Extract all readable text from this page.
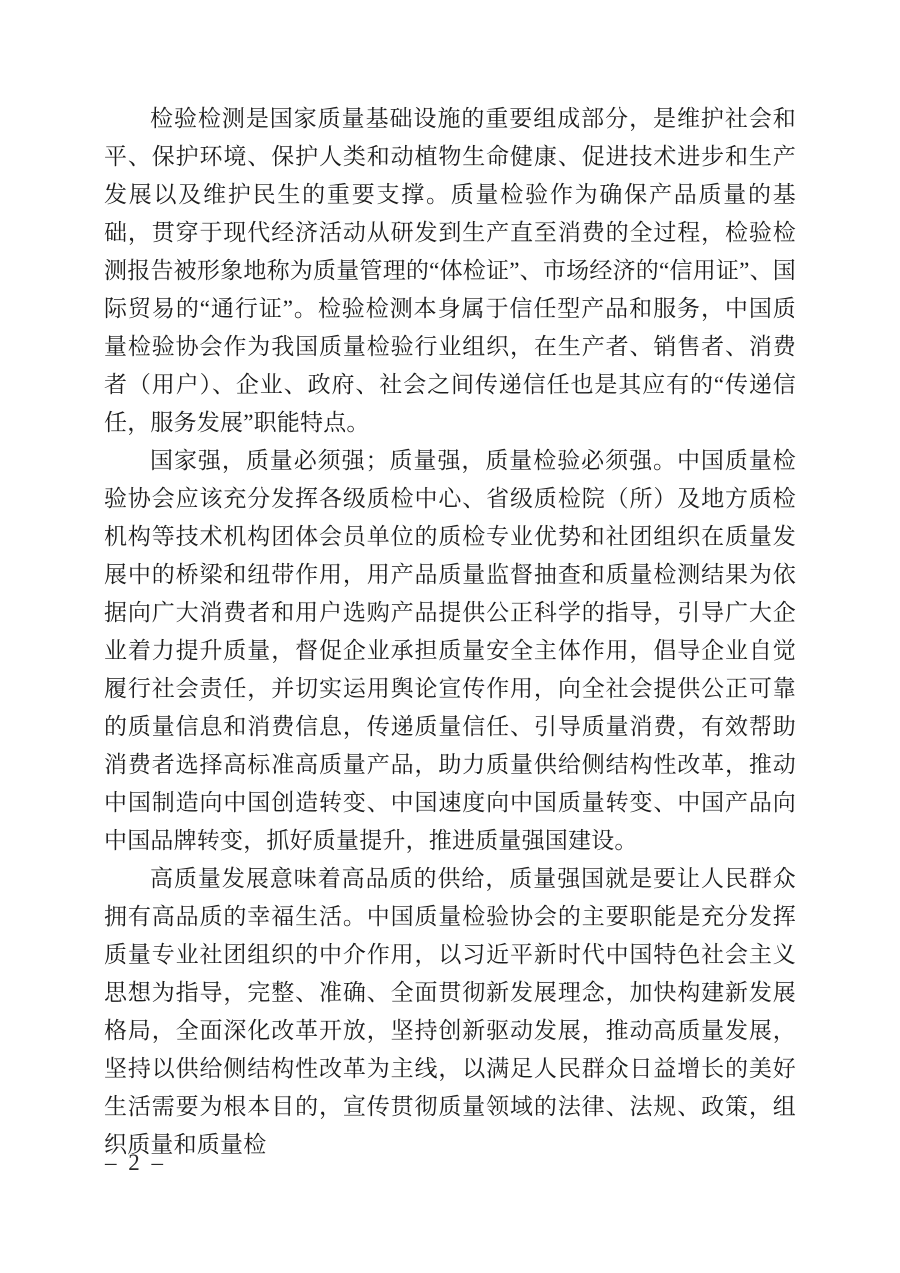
检验检测是国家质量基础设施的重要组成部分，是维护社会和平、保护环境、保护人类和动植物生命健康、促进技术进步和生产发展以及维护民生的重要支撑。质量检验作为确保产品质量的基础，贯穿于现代经济活动从研发到生产直至消费的全过程，检验检测报告被形象地称为质量管理的“体检证”、市场经济的“信用证”、国际贸易的“通行证”。检验检测本身属于信任型产品和服务，中国质量检验协会作为我国质量检验行业组织，在生产者、销售者、消费者（用户）、企业、政府、社会之间传递信任也是其应有的“传递信任，服务发展”职能特点。

国家强，质量必须强；质量强，质量检验必须强。中国质量检验协会应该充分发挥各级质检中心、省级质检院（所）及地方质检机构等技术机构团体会员单位的质检专业优势和社团组织在质量发展中的桥梁和纽带作用，用产品质量监督抽查和质量检测结果为依据向广大消费者和用户选购产品提供公正科学的指导，引导广大企业着力提升质量，督促企业承担质量安全主体作用，倡导企业自觉履行社会责任，并切实运用舆论宣传作用，向全社会提供公正可靠的质量信息和消费信息，传递质量信任、引导质量消费，有效帮助消费者选择高标准高质量产品，助力质量供给侧结构性改革，推动中国制造向中国创造转变、中国速度向中国质量转变、中国产品向中国品牌转变，抓好质量提升，推进质量强国建设。

高质量发展意味着高品质的供给，质量强国就是要让人民群众拥有高品质的幸福生活。中国质量检验协会的主要职能是充分发挥质量专业社团组织的中介作用，以习近平新时代中国特色社会主义思想为指导，完整、准确、全面贯彻新发展理念，加快构建新发展格局，全面深化改革开放，坚持创新驱动发展，推动高质量发展，坚持以供给侧结构性改革为主线，以满足人民群众日益增长的美好生活需要为根本目的，宣传贯彻质量领域的法律、法规、政策，组织质量和质量检

– 2 –
